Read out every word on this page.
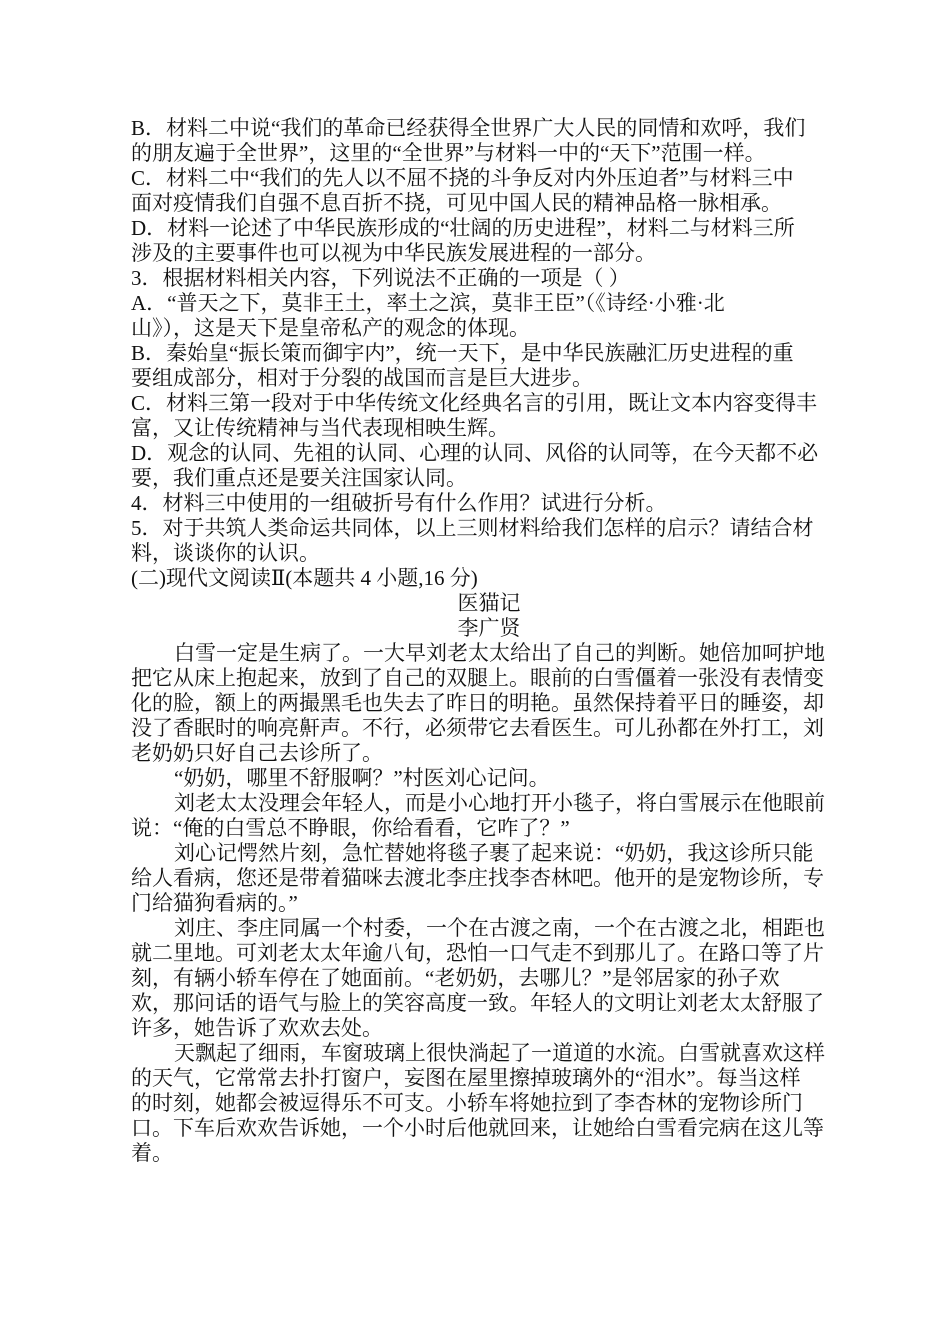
B．材料二中说“我们的革命已经获得全世界广大人民的同情和欢呼，我们
的朋友遍于全世界”，这里的“全世界”与材料一中的“天下”范围一样。
C．材料二中“我们的先人以不屈不挠的斗争反对内外压迫者”与材料三中
面对疫情我们自强不息百折不挠，可见中国人民的精神品格一脉相承。
D．材料一论述了中华民族形成的“壮阔的历史进程”，材料二与材料三所
涉及的主要事件也可以视为中华民族发展进程的一部分。
3．根据材料相关内容，下列说法不正确的一项是（ ）
A．“普天之下，莫非王土，率土之滨，莫非王臣”（《诗经·小雅·北
山》），这是天下是皇帝私产的观念的体现。
B．秦始皇“振长策而御宇内”，统一天下，是中华民族融汇历史进程的重
要组成部分，相对于分裂的战国而言是巨大进步。
C．材料三第一段对于中华传统文化经典名言的引用，既让文本内容变得丰
富，又让传统精神与当代表现相映生辉。
D．观念的认同、先祖的认同、心理的认同、风俗的认同等，在今天都不必
要，我们重点还是要关注国家认同。
4．材料三中使用的一组破折号有什么作用？试进行分析。
5．对于共筑人类命运共同体，以上三则材料给我们怎样的启示？请结合材
料，谈谈你的认识。
(二)现代文阅读Ⅱ(本题共 4 小题,16 分)
医猫记
李广贤
白雪一定是生病了。一大早刘老太太给出了自己的判断。她倍加呵护地
把它从床上抱起来，放到了自己的双腿上。眼前的白雪僵着一张没有表情变
化的脸，额上的两撮黑毛也失去了昨日的明艳。虽然保持着平日的睡姿，却
没了香眠时的响亮鼾声。不行，必须带它去看医生。可儿孙都在外打工，刘
老奶奶只好自己去诊所了。
“奶奶，哪里不舒服啊？”村医刘心记问。
刘老太太没理会年轻人，而是小心地打开小毯子，将白雪展示在他眼前
说：“俺的白雪总不睁眼，你给看看，它咋了？”
刘心记愕然片刻，急忙替她将毯子裹了起来说：“奶奶，我这诊所只能
给人看病，您还是带着猫咪去渡北李庄找李杏林吧。他开的是宠物诊所，专
门给猫狗看病的。”
刘庄、李庄同属一个村委，一个在古渡之南，一个在古渡之北，相距也
就二里地。可刘老太太年逾八旬，恐怕一口气走不到那儿了。在路口等了片
刻，有辆小轿车停在了她面前。“老奶奶，去哪儿？”是邻居家的孙子欢
欢，那问话的语气与脸上的笑容高度一致。年轻人的文明让刘老太太舒服了
许多，她告诉了欢欢去处。
天飘起了细雨，车窗玻璃上很快淌起了一道道的水流。白雪就喜欢这样
的天气，它常常去扑打窗户，妄图在屋里擦掉玻璃外的“泪水”。每当这样
的时刻，她都会被逗得乐不可支。小轿车将她拉到了李杏林的宠物诊所门
口。下车后欢欢告诉她，一个小时后他就回来，让她给白雪看完病在这儿等
着。
